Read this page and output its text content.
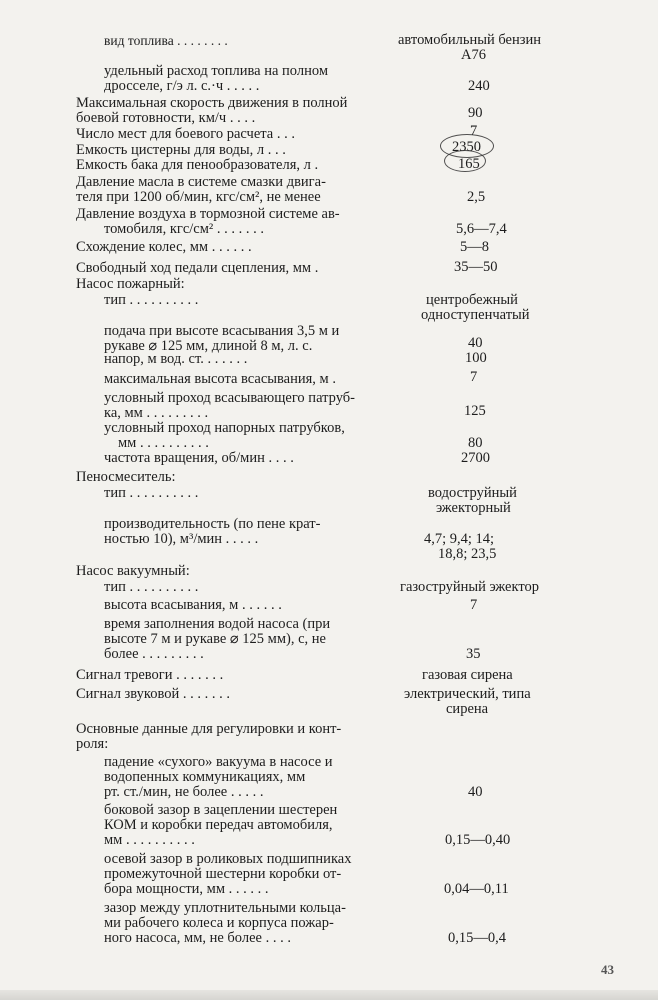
вид топлива . . . . . . . .	автомобильный бензин
А76
удельный расход топлива на полном
дросселе, г/э л. с.·ч . . . . .	240
Максимальная скорость движения в полной
боевой готовности, км/ч . . . .	90
Число мест для боевого расчета . . .	7
Емкость цистерны для воды, л . . .	2350
Емкость бака для пенообразователя, л .	165
Давление масла в системе смазки двига-
теля при 1200 об/мин, кгс/см², не менее	2,5
Давление воздуха в тормозной системе ав-
томобиля, кгс/см² . . . . . . .	5,6—7,4
Схождение колес, мм . . . . . .	5—8
Свободный ход педали сцепления, мм .	35—50
Насос пожарный:
тип . . . . . . . . . .	центробежный
одноступенчатый
подача при высоте всасывания 3,5 м и
рукаве ⌀ 125 мм, длиной 8 м, л. с.	40
напор, м вод. ст. . . . . . .	100
максимальная высота всасывания, м .	7
условный проход всасывающего патруб-
ка, мм . . . . . . . . .	125
условный проход напорных патрубков,
мм . . . . . . . . . .	80
частота вращения, об/мин . . . .	2700
Пеносмеситель:
тип . . . . . . . . . .	водоструйный
эжекторный
производительность (по пене крат-
ностью 10), м³/мин . . . . .	4,7; 9,4; 14;
18,8; 23,5
Насос вакуумный:
тип . . . . . . . . . .	газоструйный эжектор
высота всасывания, м . . . . . .	7
время заполнения водой насоса (при
высоте 7 м и рукаве ⌀ 125 мм), с, не
более . . . . . . . . .	35
Сигнал тревоги . . . . . . .	газовая сирена
Сигнал звуковой . . . . . . .	электрический, типа
сирена
Основные данные для регулировки и конт-
роля:
падение «сухого» вакуума в насосе и
водопенных коммуникациях, мм
рт. ст./мин, не более . . . . .	40
боковой зазор в зацеплении шестерен
КОМ и коробки передач автомобиля,
мм . . . . . . . . . .	0,15—0,40
осевой зазор в роликовых подшипниках
промежуточной шестерни коробки от-
бора мощности, мм . . . . . .	0,04—0,11
зазор между уплотнительными кольца-
ми рабочего колеса и корпуса пожар-
ного насоса, мм, не более . . . .	0,15—0,4
43
